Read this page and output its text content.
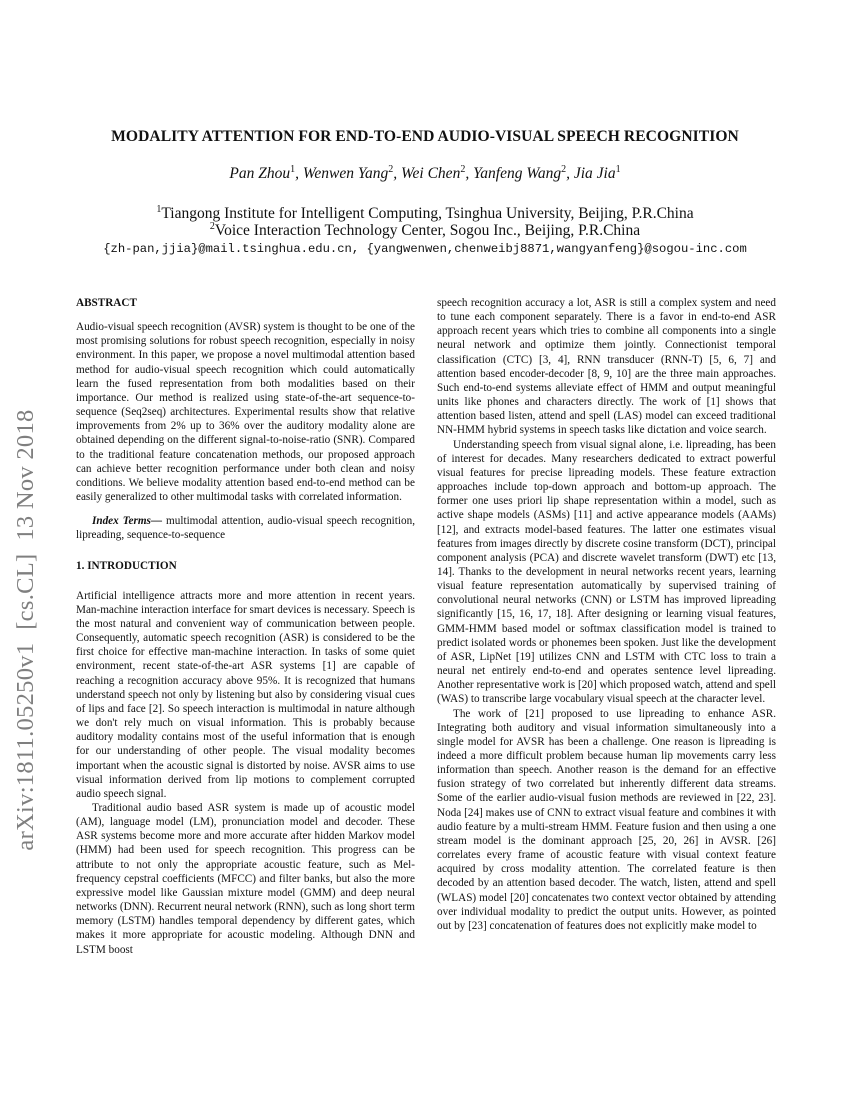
MODALITY ATTENTION FOR END-TO-END AUDIO-VISUAL SPEECH RECOGNITION
Pan Zhou$^1$, Wenwen Yang$^2$, Wei Chen$^2$, Yanfeng Wang$^2$, Jia Jia$^1$
$^1$Tiangong Institute for Intelligent Computing, Tsinghua University, Beijing, P.R.China
$^2$Voice Interaction Technology Center, Sogou Inc., Beijing, P.R.China
{zh-pan,jjia}@mail.tsinghua.edu.cn, {yangwenwen,chenweibj8871,wangyanfeng}@sogou-inc.com
arXiv:1811.05250v1  [cs.CL]  13 Nov 2018

ABSTRACT

Audio-visual speech recognition (AVSR) system is thought to be one of the most promising solutions for robust speech recognition, especially in noisy environment. In this paper, we propose a novel multimodal attention based method for audio-visual speech recognition which could automatically learn the fused representation from both modalities based on their importance. Our method is realized using state-of-the-art sequence-to-sequence (Seq2seq) architectures. Experimental results show that relative improvements from 2% up to 36% over the auditory modality alone are obtained depending on the different signal-to-noise-ratio (SNR). Compared to the traditional feature concatenation methods, our proposed approach can achieve better recognition performance under both clean and noisy conditions. We believe modality attention based end-to-end method can be easily generalized to other multimodal tasks with correlated information.

Index Terms— multimodal attention, audio-visual speech recognition, lipreading, sequence-to-sequence

1. INTRODUCTION

Artificial intelligence attracts more and more attention in recent years. Man-machine interaction interface for smart devices is necessary. Speech is the most natural and convenient way of communication between people. Consequently, automatic speech recognition (ASR) is considered to be the first choice for effective man-machine interaction. In tasks of some quiet environment, recent state-of-the-art ASR systems [1] are capable of reaching a recognition accuracy above 95%. It is recognized that humans understand speech not only by listening but also by considering visual cues of lips and face [2]. So speech interaction is multimodal in nature although we don't rely much on visual information. This is probably because auditory modality contains most of the useful information that is enough for our understanding of other people. The visual modality becomes important when the acoustic signal is distorted by noise. AVSR aims to use visual information derived from lip motions to complement corrupted audio speech signal.

Traditional audio based ASR system is made up of acoustic model (AM), language model (LM), pronunciation model and decoder. These ASR systems become more and more accurate after hidden Markov model (HMM) had been used for speech recognition. This progress can be attribute to not only the appropriate acoustic feature, such as Mel-frequency cepstral coefficients (MFCC) and filter banks, but also the more expressive model like Gaussian mixture model (GMM) and deep neural networks (DNN). Recurrent neural network (RNN), such as long short term memory (LSTM) handles temporal dependency by different gates, which makes it more appropriate for acoustic modeling. Although DNN and LSTM boost

speech recognition accuracy a lot, ASR is still a complex system and need to tune each component separately. There is a favor in end-to-end ASR approach recent years which tries to combine all components into a single neural network and optimize them jointly. Connectionist temporal classification (CTC) [3, 4], RNN transducer (RNN-T) [5, 6, 7] and attention based encoder-decoder [8, 9, 10] are the three main approaches. Such end-to-end systems alleviate effect of HMM and output meaningful units like phones and characters directly. The work of [1] shows that attention based listen, attend and spell (LAS) model can exceed traditional NN-HMM hybrid systems in speech tasks like dictation and voice search.

Understanding speech from visual signal alone, i.e. lipreading, has been of interest for decades. Many researchers dedicated to extract powerful visual features for precise lipreading models. These feature extraction approaches include top-down approach and bottom-up approach. The former one uses priori lip shape representation within a model, such as active shape models (ASMs) [11] and active appearance models (AAMs) [12], and extracts model-based features. The latter one estimates visual features from images directly by discrete cosine transform (DCT), principal component analysis (PCA) and discrete wavelet transform (DWT) etc [13, 14]. Thanks to the development in neural networks recent years, learning visual feature representation automatically by supervised training of convolutional neural networks (CNN) or LSTM has improved lipreading significantly [15, 16, 17, 18]. After designing or learning visual features, GMM-HMM based model or softmax classification model is trained to predict isolated words or phonemes been spoken. Just like the development of ASR, LipNet [19] utilizes CNN and LSTM with CTC loss to train a neural net entirely end-to-end and operates sentence level lipreading. Another representative work is [20] which proposed watch, attend and spell (WAS) to transcribe large vocabulary visual speech at the character level.

The work of [21] proposed to use lipreading to enhance ASR. Integrating both auditory and visual information simultaneously into a single model for AVSR has been a challenge. One reason is lipreading is indeed a more difficult problem because human lip movements carry less information than speech. Another reason is the demand for an effective fusion strategy of two correlated but inherently different data streams. Some of the earlier audio-visual fusion methods are reviewed in [22, 23]. Noda [24] makes use of CNN to extract visual feature and combines it with audio feature by a multi-stream HMM. Feature fusion and then using a one stream model is the dominant approach [25, 20, 26] in AVSR. [26] correlates every frame of acoustic feature with visual context feature acquired by cross modality attention. The correlated feature is then decoded by an attention based decoder. The watch, listen, attend and spell (WLAS) model [20] concatenates two context vector obtained by attending over individual modality to predict the output units. However, as pointed out by [23] concatenation of features does not explicitly make model to
